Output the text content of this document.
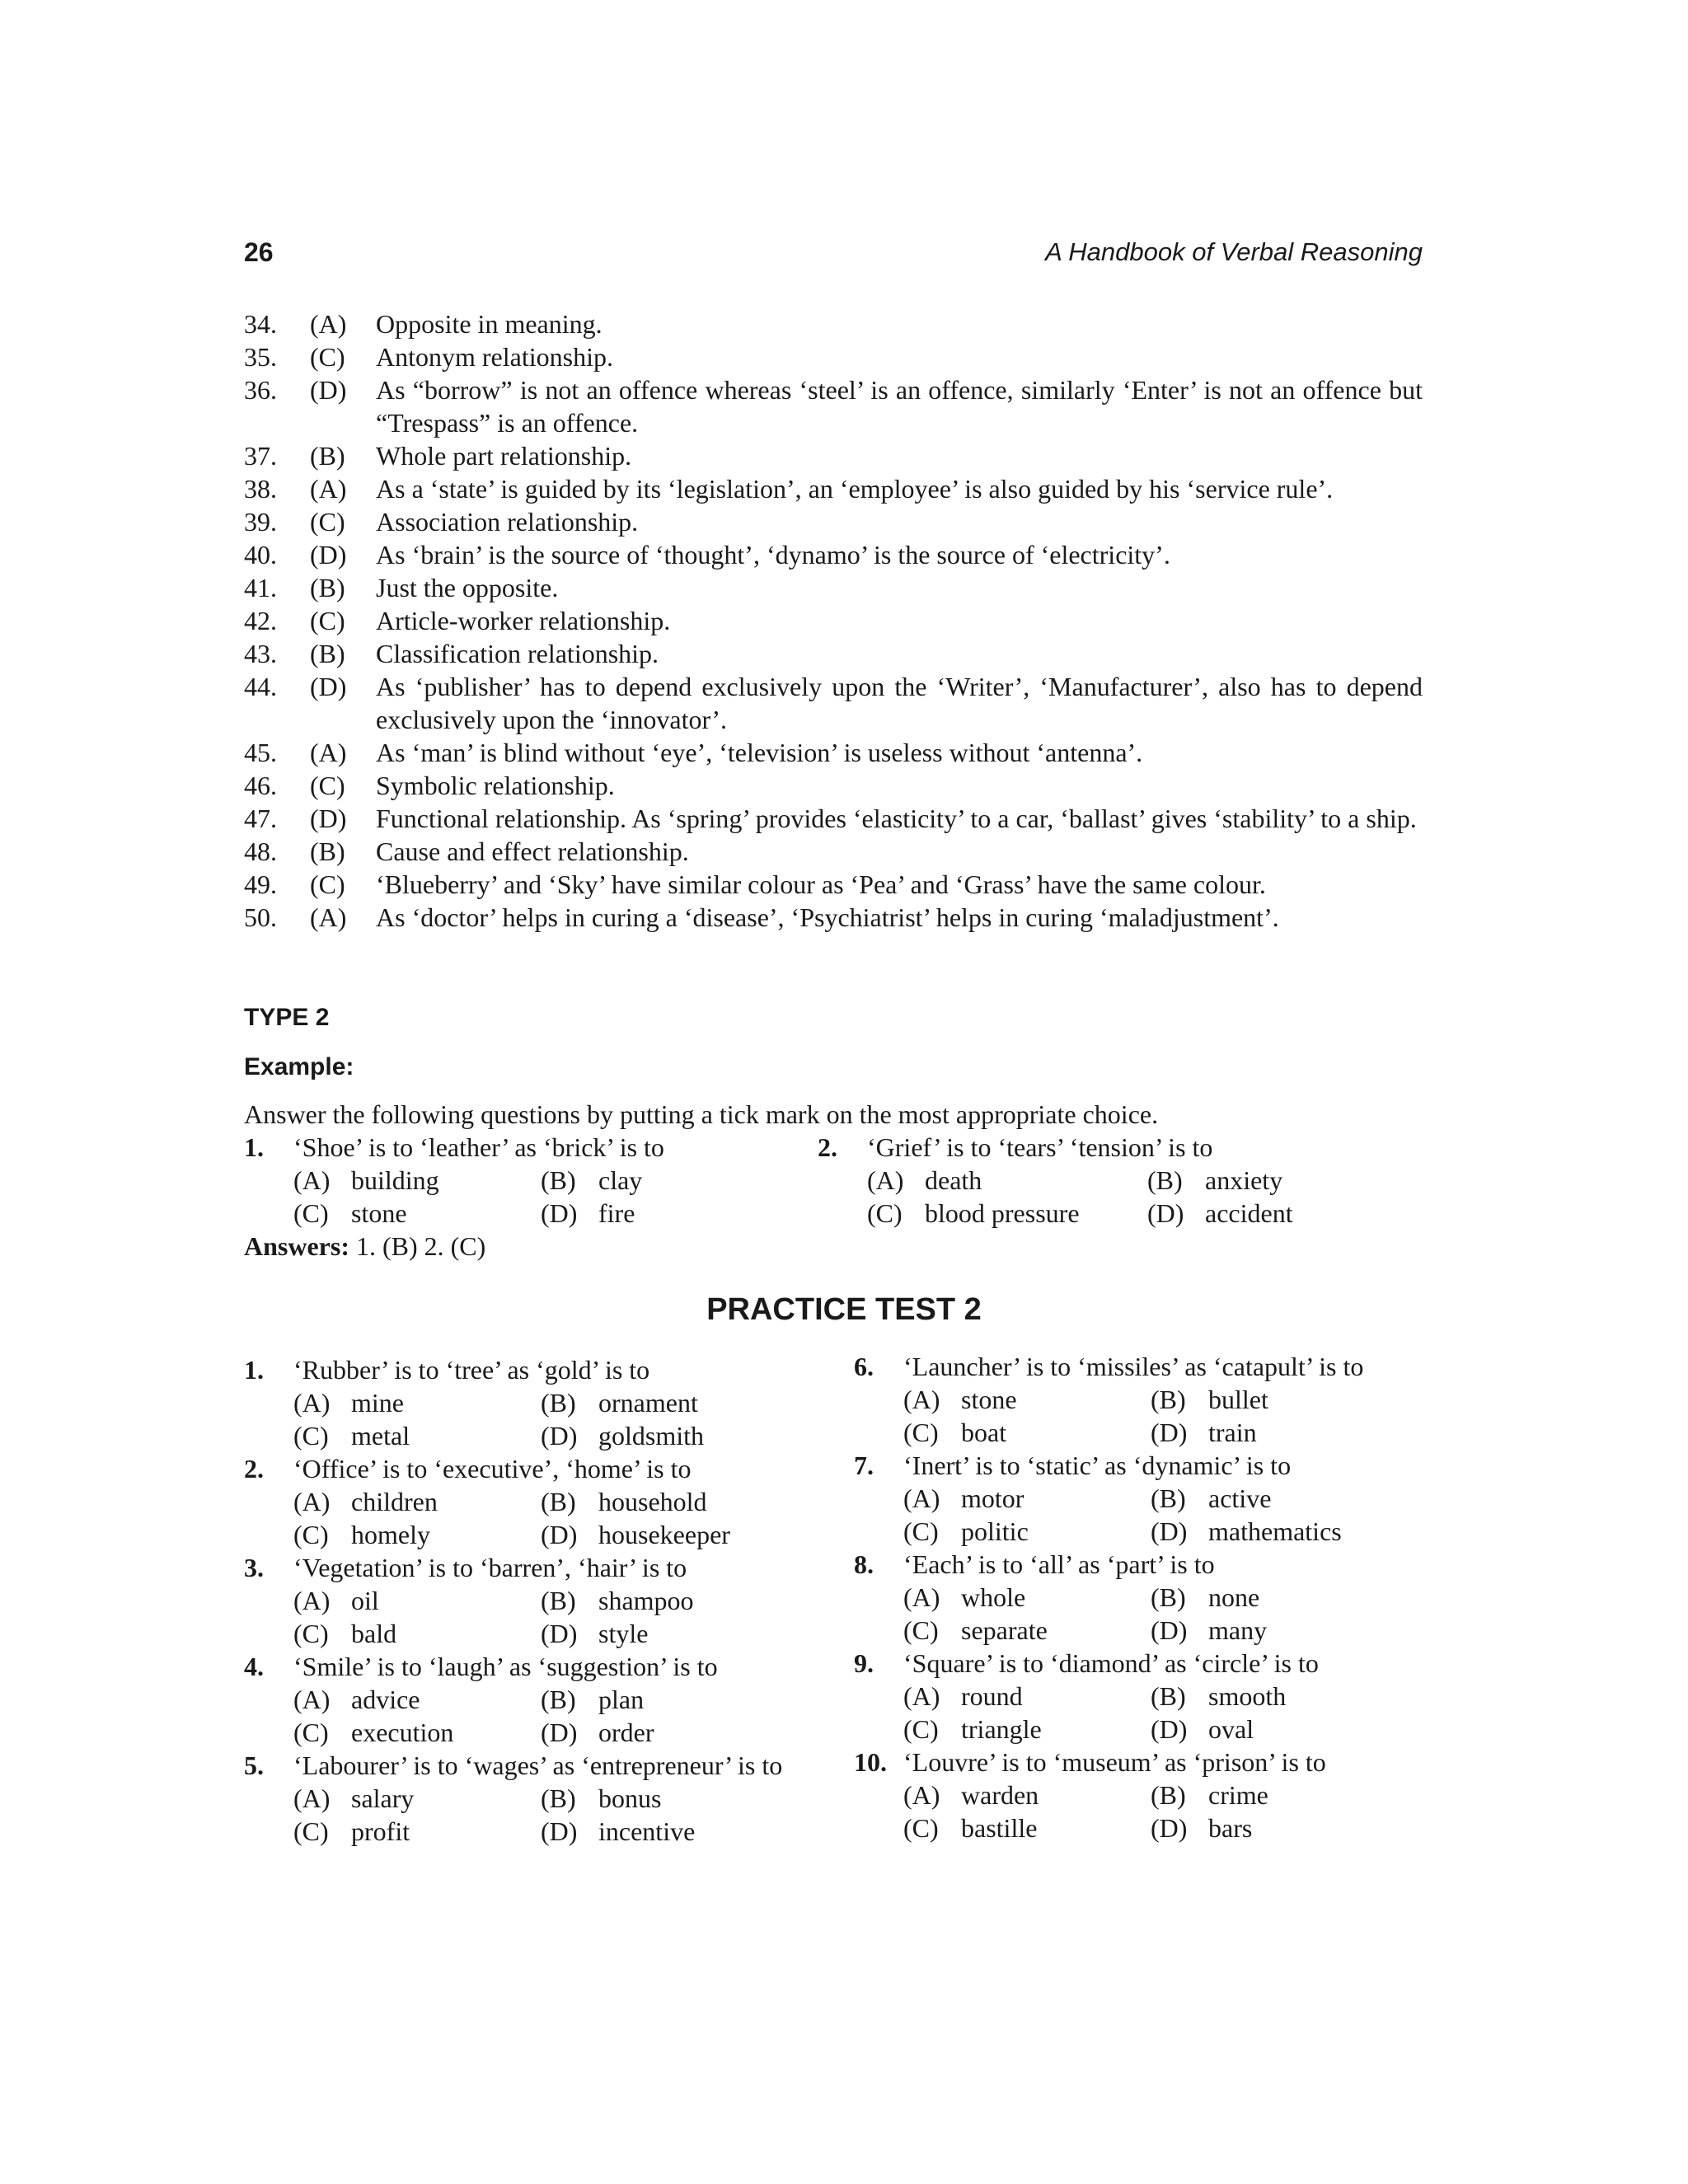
26	A Handbook of Verbal Reasoning
34. (A) Opposite in meaning.
35. (C) Antonym relationship.
36. (D) As “borrow” is not an offence whereas ‘steel’ is an offence, similarly ‘Enter’ is not an offence but “Trespass” is an offence.
37. (B) Whole part relationship.
38. (A) As a ‘state’ is guided by its ‘legislation’, an ‘employee’ is also guided by his ‘service rule’.
39. (C) Association relationship.
40. (D) As ‘brain’ is the source of ‘thought’, ‘dynamo’ is the source of ‘electricity’.
41. (B) Just the opposite.
42. (C) Article-worker relationship.
43. (B) Classification relationship.
44. (D) As ‘publisher’ has to depend exclusively upon the ‘Writer’, ‘Manufacturer’, also has to depend exclusively upon the ‘innovator’.
45. (A) As ‘man’ is blind without ‘eye’, ‘television’ is useless without ‘antenna’.
46. (C) Symbolic relationship.
47. (D) Functional relationship. As ‘spring’ provides ‘elasticity’ to a car, ‘ballast’ gives ‘stability’ to a ship.
48. (B) Cause and effect relationship.
49. (C) ‘Blueberry’ and ‘Sky’ have similar colour as ‘Pea’ and ‘Grass’ have the same colour.
50. (A) As ‘doctor’ helps in curing a ‘disease’, ‘Psychiatrist’ helps in curing ‘maladjustment’.
TYPE 2
Example:
Answer the following questions by putting a tick mark on the most appropriate choice.
1. ‘Shoe’ is to ‘leather’ as ‘brick’ is to
(A) building	(B) clay
(C) stone	(D) fire
2. ‘Grief’ is to ‘tears’ ‘tension’ is to
(A) death	(B) anxiety
(C) blood pressure	(D) accident
Answers: 1. (B) 2. (C)
PRACTICE TEST 2
1. ‘Rubber’ is to ‘tree’ as ‘gold’ is to
(A) mine	(B) ornament
(C) metal	(D) goldsmith
2. ‘Office’ is to ‘executive’, ‘home’ is to
(A) children	(B) household
(C) homely	(D) housekeeper
3. ‘Vegetation’ is to ‘barren’, ‘hair’ is to
(A) oil	(B) shampoo
(C) bald	(D) style
4. ‘Smile’ is to ‘laugh’ as ‘suggestion’ is to
(A) advice	(B) plan
(C) execution	(D) order
5. ‘Labourer’ is to ‘wages’ as ‘entrepreneur’ is to
(A) salary	(B) bonus
(C) profit	(D) incentive
6. ‘Launcher’ is to ‘missiles’ as ‘catapult’ is to
(A) stone	(B) bullet
(C) boat	(D) train
7. ‘Inert’ is to ‘static’ as ‘dynamic’ is to
(A) motor	(B) active
(C) politic	(D) mathematics
8. ‘Each’ is to ‘all’ as ‘part’ is to
(A) whole	(B) none
(C) separate	(D) many
9. ‘Square’ is to ‘diamond’ as ‘circle’ is to
(A) round	(B) smooth
(C) triangle	(D) oval
10. ‘Louvre’ is to ‘museum’ as ‘prison’ is to
(A) warden	(B) crime
(C) bastille	(D) bars
